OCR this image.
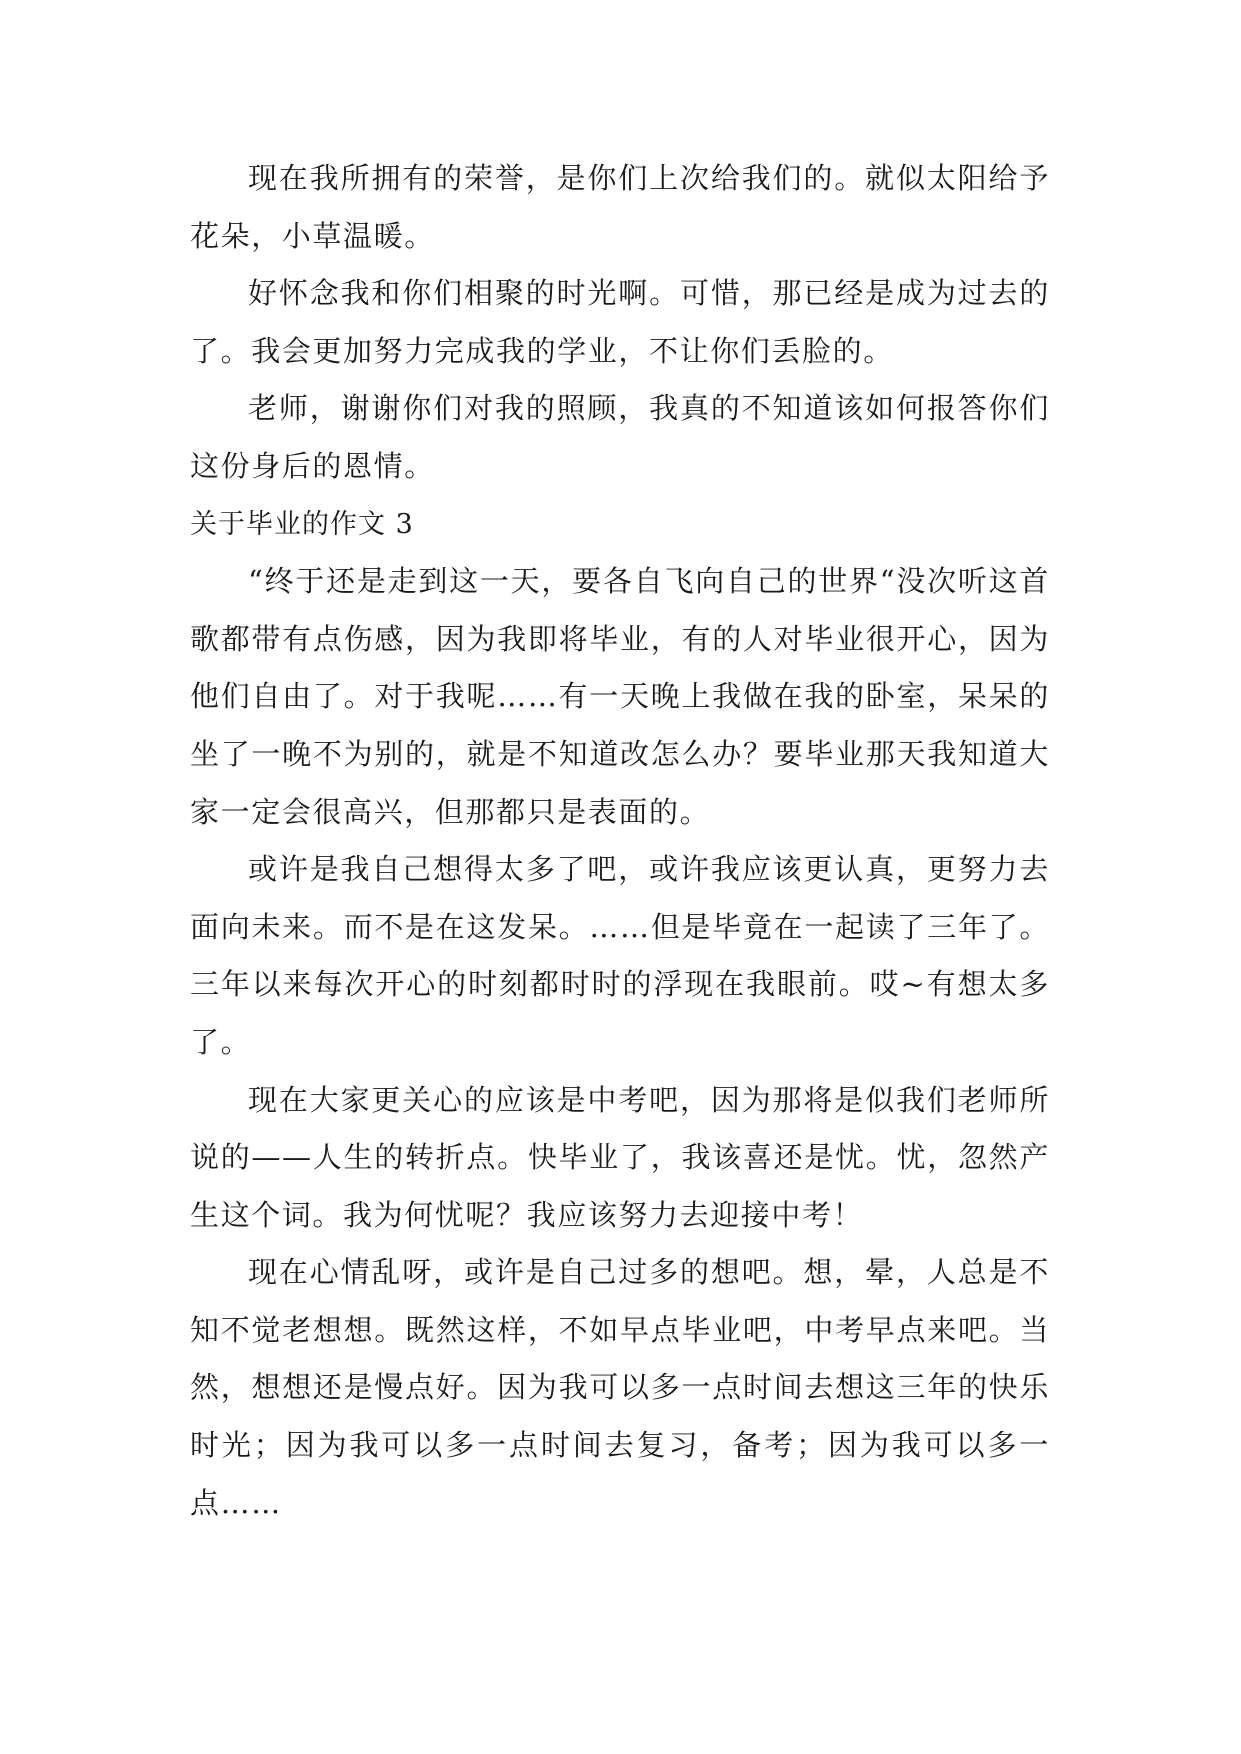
现在我所拥有的荣誉，是你们上次给我们的。就似太阳给予花朵，小草温暖。

好怀念我和你们相聚的时光啊。可惜，那已经是成为过去的了。我会更加努力完成我的学业，不让你们丢脸的。

老师，谢谢你们对我的照顾，我真的不知道该如何报答你们这份身后的恩情。

关于毕业的作文 3

“终于还是走到这一天，要各自飞向自己的世界“没次听这首歌都带有点伤感，因为我即将毕业，有的人对毕业很开心，因为他们自由了。对于我呢……有一天晚上我做在我的卧室，呆呆的坐了一晚不为别的，就是不知道改怎么办？要毕业那天我知道大家一定会很高兴，但那都只是表面的。

或许是我自己想得太多了吧，或许我应该更认真，更努力去面向未来。而不是在这发呆。……但是毕竟在一起读了三年了。三年以来每次开心的时刻都时时的浮现在我眼前。哎~有想太多了。

现在大家更关心的应该是中考吧，因为那将是似我们老师所说的——人生的转折点。快毕业了，我该喜还是忧。忧，忽然产生这个词。我为何忧呢？我应该努力去迎接中考！

现在心情乱呀，或许是自己过多的想吧。想，晕，人总是不知不觉老想想。既然这样，不如早点毕业吧，中考早点来吧。当然，想想还是慢点好。因为我可以多一点时间去想这三年的快乐时光；因为我可以多一点时间去复习，备考；因为我可以多一点……
